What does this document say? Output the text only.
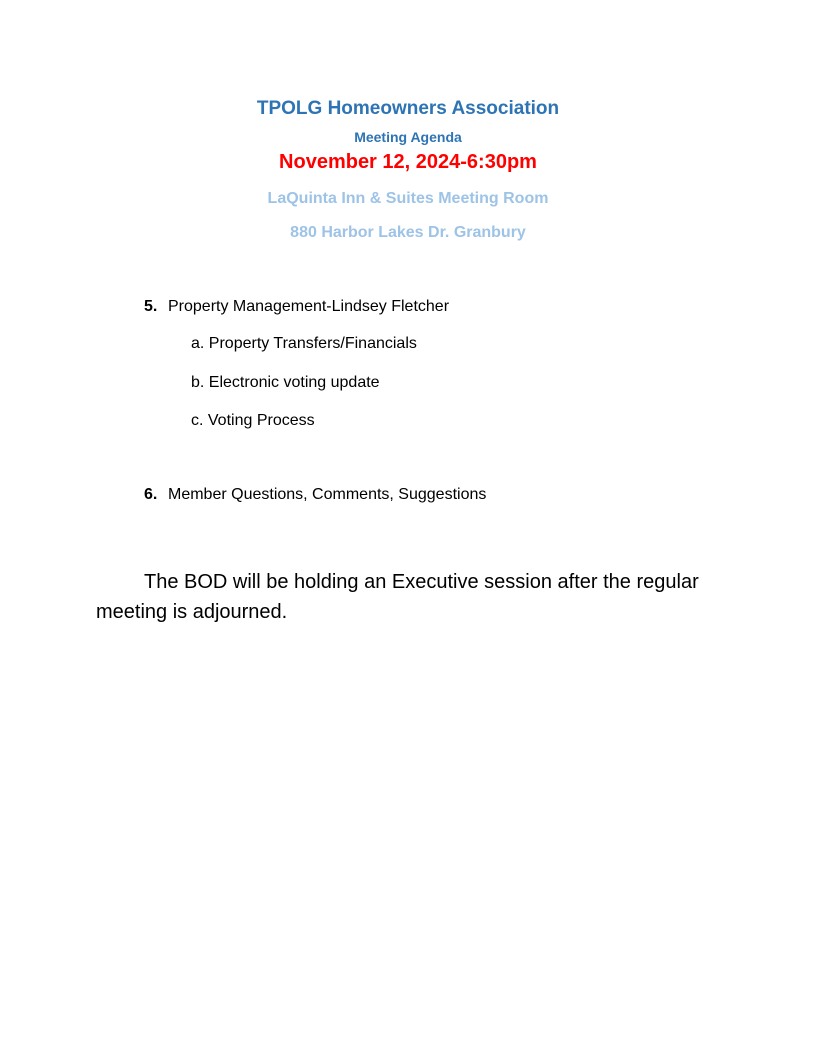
TPOLG Homeowners Association
Meeting Agenda
November 12, 2024-6:30pm
LaQuinta Inn & Suites Meeting Room
880 Harbor Lakes Dr. Granbury
5. Property Management-Lindsey Fletcher
a. Property Transfers/Financials
b. Electronic voting update
c. Voting Process
6. Member Questions, Comments, Suggestions
The BOD will be holding an Executive session after the regular
meeting is adjourned.
